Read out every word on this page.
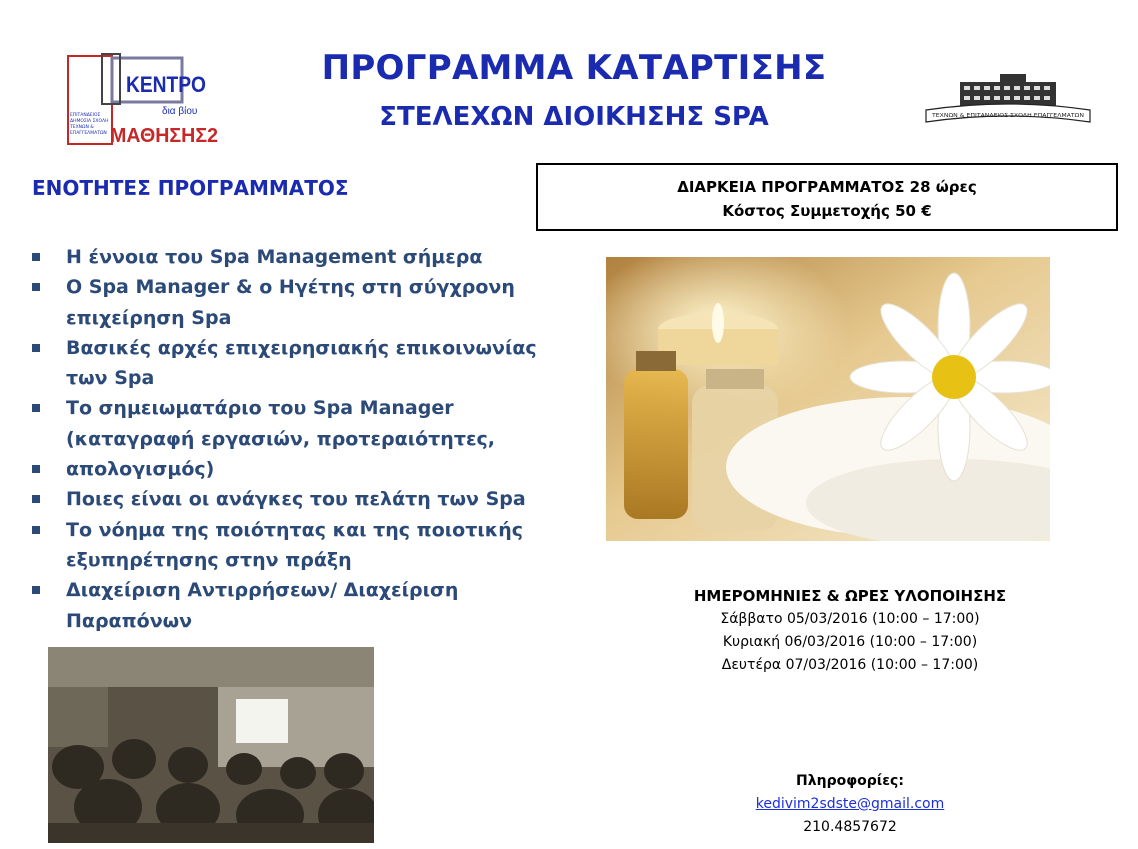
ΕΠΙΤΑΝΔΕΙΟΣ
ΔΗΜΟΣΙΑ ΣΧΟΛΗ
ΤΕΧΝΩΝ &
ΕΠΑΓΓΕΛΜΑΤΩΝ
ΚΕΝΤΡΟ
δια βίου
ΜΑΘΗΣΗΣ2
ΤΕΧΝΩΝ & ΕΠΙΤΑΝΔΕΙΟΣ ΣΧΟΛΗ ΕΠΑΓΓΕΛΜΑΤΩΝ
ΠΡΟΓΡΑΜΜΑ ΚΑΤΑΡΤΙΣΗΣ
ΣΤΕΛΕΧΩΝ ΔΙΟΙΚΗΣΗΣ SPA
ΕΝΟΤΗΤΕΣ ΠΡΟΓΡΑΜΜΑΤΟΣ
Η έννοια του Spa Management σήμερα
Ο Spa Manager & ο Ηγέτης στη σύγχρονη
επιχείρηση Spa
Βασικές αρχές επιχειρησιακής επικοινωνίας
των Spa
Το σημειωματάριο του Spa Manager
(καταγραφή εργασιών, προτεραιότητες,
απολογισμός)
Ποιες είναι οι ανάγκες του πελάτη των Spa
Το νόημα της ποιότητας και της ποιοτικής
εξυπηρέτησης στην πράξη
Διαχείριση Αντιρρήσεων/ Διαχείριση
Παραπόνων
ΔΙΑΡΚΕΙΑ ΠΡΟΓΡΑΜΜΑΤΟΣ 28 ώρες
Κόστος Συμμετοχής 50 €
ΗΜΕΡΟΜΗΝΙΕΣ & ΩΡΕΣ ΥΛΟΠΟΙΗΣΗΣ
Σάββατο 05/03/2016 (10:00 – 17:00)
Κυριακή 06/03/2016 (10:00 – 17:00)
Δευτέρα 07/03/2016 (10:00 – 17:00)
Πληροφορίες:
kedivim2sdste@gmail.com
210.4857672
